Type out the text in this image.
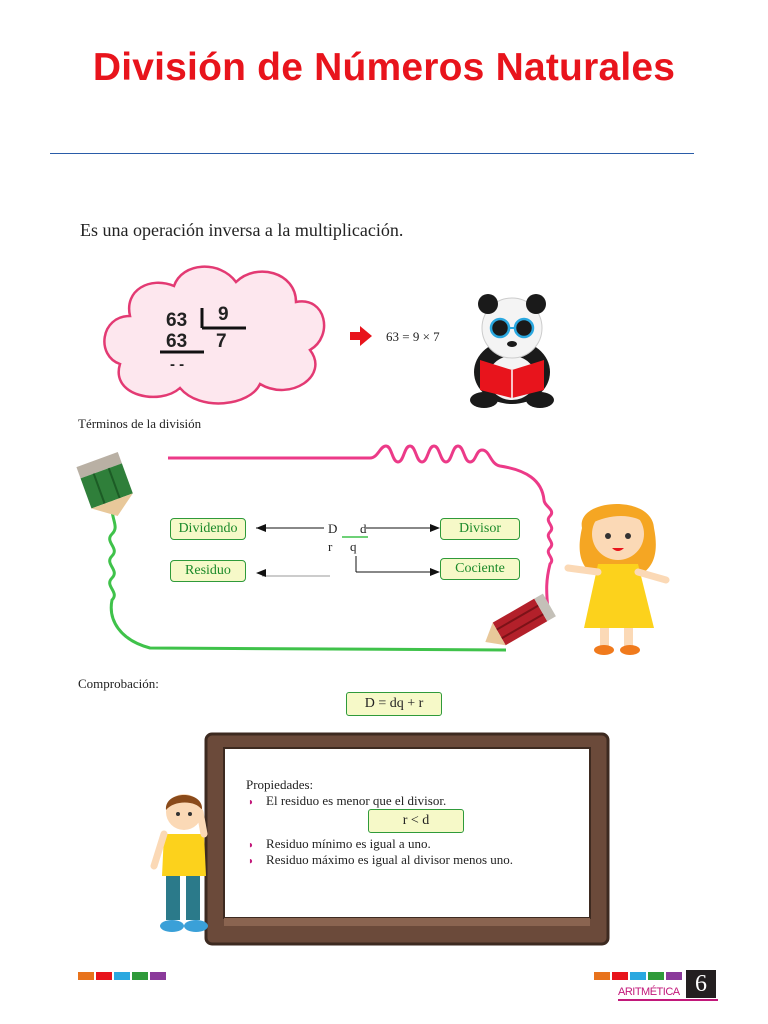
División de Números Naturales
Es una operación inversa a la multiplicación.
63 9
63 7
- -
63 = 9 × 7
Términos de la división
Dividendo	Divisor
Residuo	Cociente
D d
r q
Comprobación:
D = dq + r
Propiedades:
◗ El residuo es menor que el divisor.
r < d
◗ Residuo mínimo es igual a uno.
◗ Residuo máximo es igual al divisor menos uno.
ARITMÉTICA 6
